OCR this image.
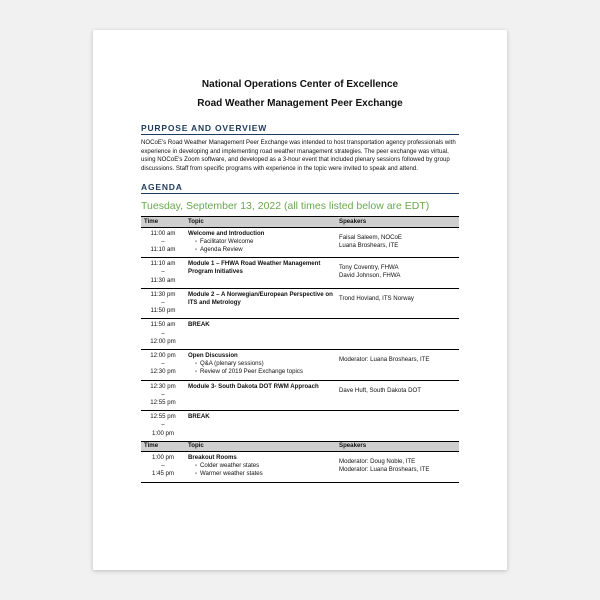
National Operations Center of Excellence

Road Weather Management Peer Exchange

PURPOSE AND OVERVIEW
NOCoE's Road Weather Management Peer Exchange was intended to host transportation agency professionals with experience in developing and implementing road weather management strategies. The peer exchange was virtual, using NOCoE's Zoom software, and developed as a 3-hour event that included plenary sessions followed by group discussions. Staff from specific programs with experience in the topic were invited to speak and attend.
AGENDA
Tuesday, September 13, 2022 (all times listed below are EDT)
Time	Topic	Speakers

11:00 am
–
11:10 am	Welcome and Introduction
▫ Facilitator Welcome
▫ Agenda Review	Faisal Saleem, NOCoE
Luana Broshears, ITE

11:10 am
–
11:30 am	Module 1 – FHWA Road Weather Management Program Initiatives	Tony Coventry, FHWA
David Johnson, FHWA

11:30 pm
–
11:50 pm	Module 2 – A Norwegian/European Perspective on ITS and Metrology	Trond Hovland, ITS Norway

11:50 am
–
12:00 pm	BREAK	

12:00 pm
–
12:30 pm	Open Discussion
▫ Q&A (plenary sessions)
▫ Review of 2019 Peer Exchange topics	Moderator: Luana Broshears, ITE

12:30 pm
–
12:55 pm	Module 3- South Dakota DOT RWM Approach	Dave Huft, South Dakota DOT

12:55 pm
–
1:00 pm	BREAK	

Time	Topic	Speakers

1:00 pm
–
1:45 pm	Breakout Rooms
▫ Colder weather states
▫ Warmer weather states	Moderator: Doug Noble, ITE
Moderator: Luana Broshears, ITE
